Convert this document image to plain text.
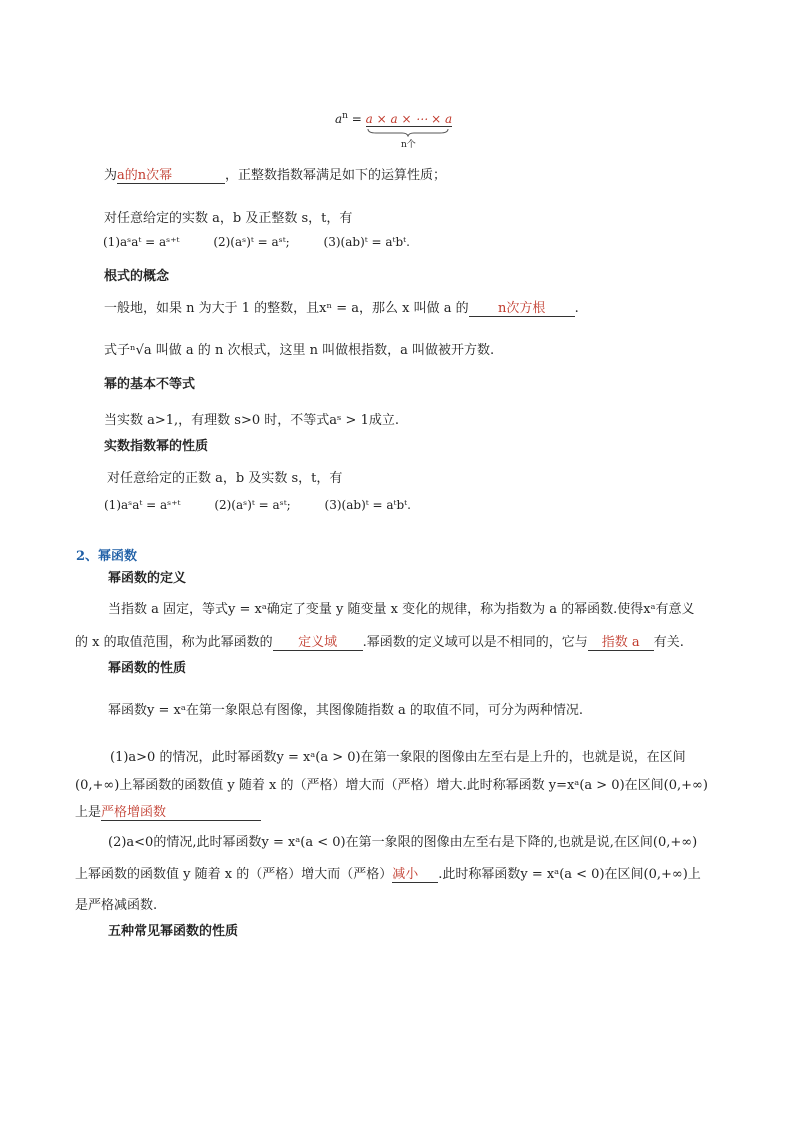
$a^n = a \times a$ × ⋯ × a
n个
为a的n次幂	，正整数指数幂满足如下的运算性质；
对任意给定的实数 a，b 及正整数 s，t，有
(1)aˢaᵗ = aˢ⁺ᵗ	(2)(aˢ)ᵗ = aˢᵗ;	(3)(ab)ᵗ = aᵗbᵗ.
根式的概念
一般地，如果 n 为大于 1 的整数，且xⁿ = a，那么 x 叫做 a 的 n次方根 .
式子ⁿ√a 叫做 a 的 n 次根式，这里 n 叫做根指数，a 叫做被开方数.
幂的基本不等式
当实数 a>1,，有理数 s>0 时，不等式aˢ > 1成立.
实数指数幂的性质
对任意给定的正数 a，b 及实数 s，t，有
(1)aˢaᵗ = aˢ⁺ᵗ	(2)(aˢ)ᵗ = aˢᵗ;	(3)(ab)ᵗ = aᵗbᵗ.
2、幂函数
幂函数的定义
当指数 a 固定，等式y = xᵃ确定了变量 y 随变量 x 变化的规律，称为指数为 a 的幂函数.使得xᵃ有意义
的 x 的取值范围，称为此幂函数的 定义域 .幂函数的定义域可以是不相同的，它与 指数 a 有关.
幂函数的性质
幂函数y = xᵃ在第一象限总有图像，其图像随指数 a 的取值不同，可分为两种情况.
(1)a>0 的情况，此时幂函数y = xᵃ(a > 0)在第一象限的图像由左至右是上升的，也就是说，在区间
(0,+∞)上幂函数的函数值 y 随着 x 的（严格）增大而（严格）增大.此时称幂函数 y=xᵃ(a > 0)在区间(0,+∞)
上是严格增函数
(2)a<0的情况,此时幂函数y = xᵃ(a < 0)在第一象限的图像由左至右是下降的,也就是说,在区间(0,+∞)
上幂函数的函数值 y 随着 x 的（严格）增大而（严格）减小 .此时称幂函数y = xᵃ(a < 0)在区间(0,+∞)上
是严格减函数.
五种常见幂函数的性质
